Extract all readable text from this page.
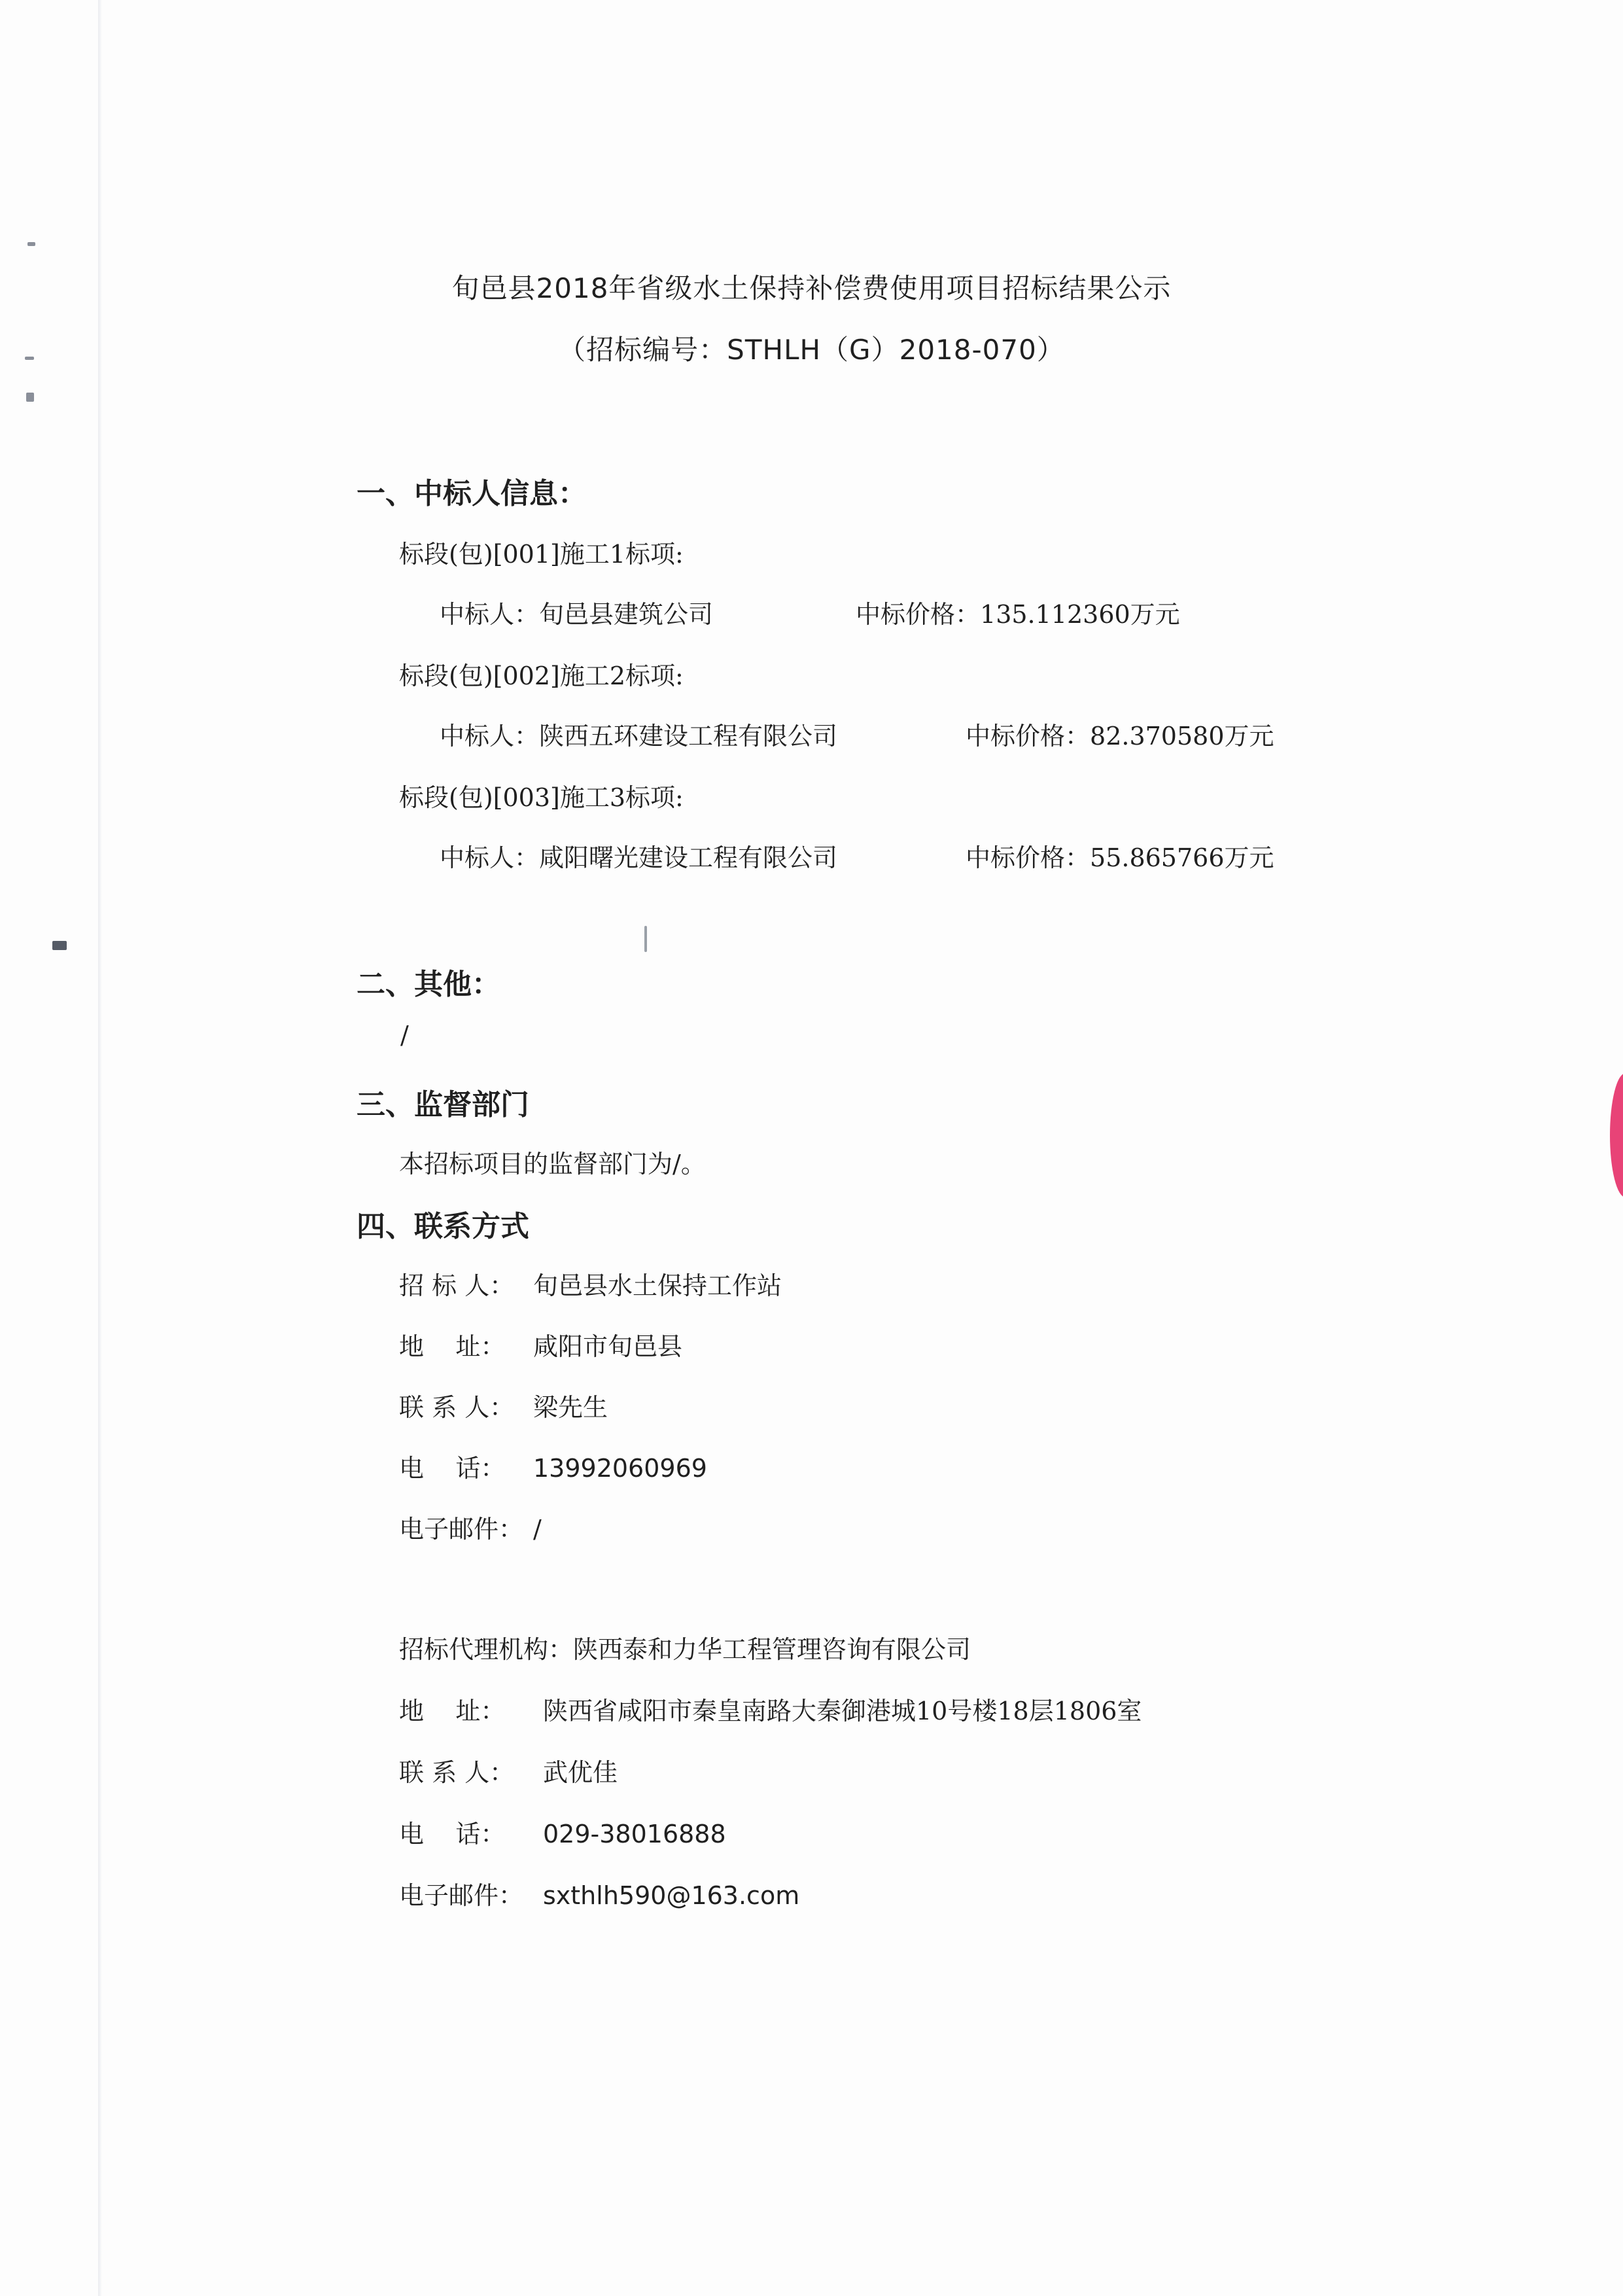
旬邑县2018年省级水土保持补偿费使用项目招标结果公示
（招标编号：STHLH（G）2018-070）
一、中标人信息：
标段(包)[001]施工1标项:
中标人：旬邑县建筑公司	中标价格：135.112360万元
标段(包)[002]施工2标项:
中标人：陕西五环建设工程有限公司	中标价格：82.370580万元
标段(包)[003]施工3标项:
中标人：咸阳曙光建设工程有限公司	中标价格：55.865766万元
二、其他：
/
三、监督部门
本招标项目的监督部门为/。
四、联系方式
招 标 人： 旬邑县水土保持工作站
地    址： 咸阳市旬邑县
联 系 人： 梁先生
电    话： 13992060969
电子邮件： /
招标代理机构：陕西泰和力华工程管理咨询有限公司
地    址： 陕西省咸阳市秦皇南路大秦御港城10号楼18层1806室
联 系 人： 武优佳
电    话： 029-38016888
电子邮件： sxthlh590@163.com
